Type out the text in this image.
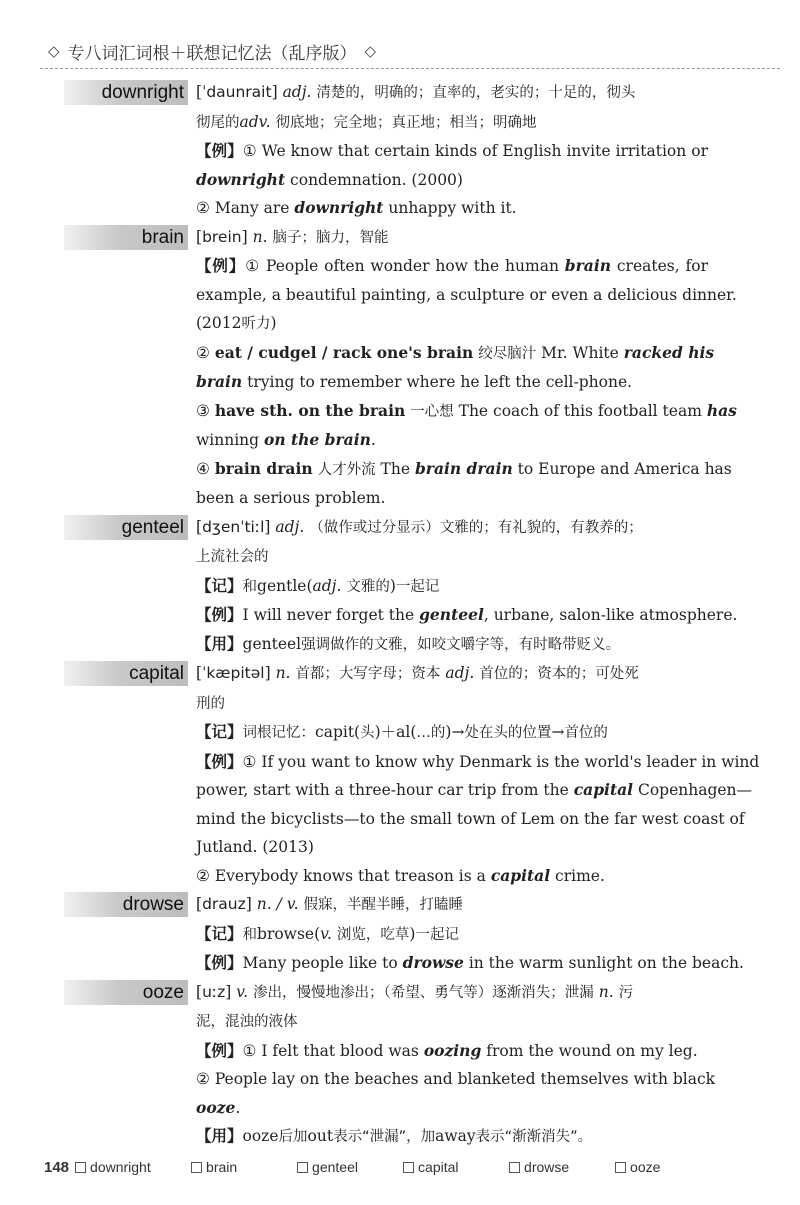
◇ 专八词汇词根＋联想记忆法（乱序版） ◇
downright [ˈdaunrait] adj. 清楚的，明确的；直率的，老实的；十足的，彻头
彻尾的adv. 彻底地；完全地；真正地；相当；明确地
【例】① We know that certain kinds of English invite irritation or
downright condemnation. (2000)
② Many are downright unhappy with it.
brain [brein] n. 脑子；脑力，智能
【例】① People often wonder how the human brain creates, for
example, a beautiful painting, a sculpture or even a delicious dinner.
(2012听力)
② eat / cudgel / rack one's brain 绞尽脑汁 Mr. White racked his
brain trying to remember where he left the cell-phone.
③ have sth. on the brain 一心想 The coach of this football team has
winning on the brain.
④ brain drain 人才外流 The brain drain to Europe and America has
been a serious problem.
genteel [dʒenˈtiːl] adj. （做作或过分显示）文雅的；有礼貌的，有教养的；
上流社会的
【记】和gentle(adj. 文雅的)一起记
【例】I will never forget the genteel, urbane, salon-like atmosphere.
【用】genteel强调做作的文雅，如咬文嚼字等，有时略带贬义。
capital [ˈkæpitəl] n. 首都；大写字母；资本 adj. 首位的；资本的；可处死
刑的
【记】词根记忆：capit(头)＋al(…的)→处在头的位置→首位的
【例】① If you want to know why Denmark is the world's leader in wind
power, start with a three-hour car trip from the capital Copenhagen—
mind the bicyclists—to the small town of Lem on the far west coast of
Jutland. (2013)
② Everybody knows that treason is a capital crime.
drowse [drauz] n. / v. 假寐，半醒半睡，打瞌睡
【记】和browse(v. 浏览，吃草)一起记
【例】Many people like to drowse in the warm sunlight on the beach.
ooze [uːz] v. 渗出，慢慢地渗出；（希望、勇气等）逐渐消失；泄漏 n. 污
泥，混浊的液体
【例】① I felt that blood was oozing from the wound on my leg.
② People lay on the beaches and blanketed themselves with black
ooze.
【用】ooze后加out表示“泄漏”，加away表示“渐渐消失”。
148 downright	brain	genteel	capital	drowse	ooze
